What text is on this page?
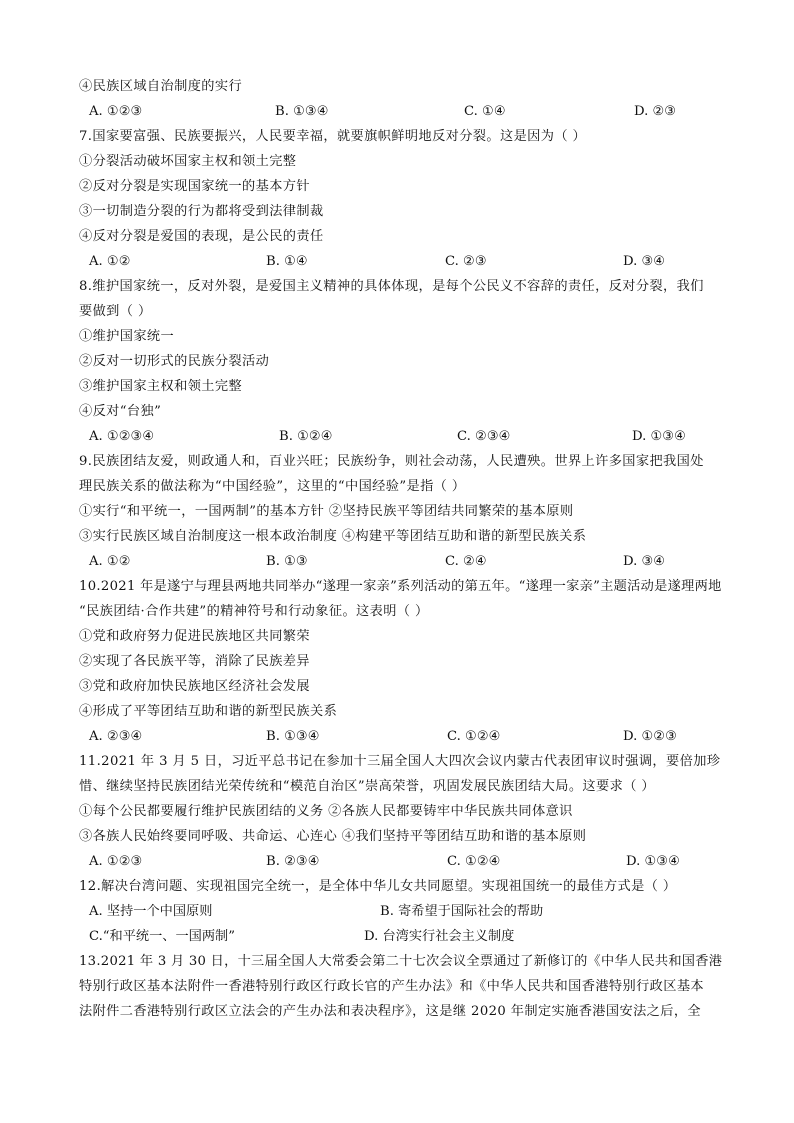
④民族区域自治制度的实行
A. ①②③	B. ①③④	C. ①④	D. ②③
7.国家要富强、民族要振兴，人民要幸福，就要旗帜鲜明地反对分裂。这是因为（ ）
①分裂活动破坏国家主权和领土完整
②反对分裂是实现国家统一的基本方针
③一切制造分裂的行为都将受到法律制裁
④反对分裂是爱国的表现，是公民的责任
A. ①②	B. ①④	C. ②③	D. ③④
8.维护国家统一，反对外裂，是爱国主义精神的具体体现，是每个公民义不容辞的责任，反对分裂，我们
要做到（ ）
①维护国家统一
②反对一切形式的民族分裂活动
③维护国家主权和领土完整
④反对“台独”
A. ①②③④	B. ①②④	C. ②③④	D. ①③④
9.民族团结友爱，则政通人和，百业兴旺；民族纷争，则社会动荡，人民遭殃。世界上许多国家把我国处
理民族关系的做法称为“中国经验”，这里的“中国经验”是指（ ）
①实行“和平统一，一国两制”的基本方针 ②坚持民族平等团结共同繁荣的基本原则
③实行民族区域自治制度这一根本政治制度 ④构建平等团结互助和谐的新型民族关系
A. ①②	B. ①③	C. ②④	D. ③④
10.2021 年是遂宁与理县两地共同举办“遂理一家亲”系列活动的第五年。“遂理一家亲”主题活动是遂理两地
“民族团结·合作共建”的精神符号和行动象征。这表明（ ）
①党和政府努力促进民族地区共同繁荣
②实现了各民族平等，消除了民族差异
③党和政府加快民族地区经济社会发展
④形成了平等团结互助和谐的新型民族关系
A. ②③④	B. ①③④	C. ①②④	D. ①②③
11.2021 年 3 月 5 日，习近平总书记在参加十三届全国人大四次会议内蒙古代表团审议时强调，要倍加珍
惜、继续坚持民族团结光荣传统和“模范自治区”崇高荣誉，巩固发展民族团结大局。这要求（ ）
①每个公民都要履行维护民族团结的义务 ②各族人民都要铸牢中华民族共同体意识
③各族人民始终要同呼吸、共命运、心连心 ④我们坚持平等团结互助和谐的基本原则
A. ①②③	B. ②③④	C. ①②④	D. ①③④
12.解决台湾问题、实现祖国完全统一，是全体中华儿女共同愿望。实现祖国统一的最佳方式是（ ）
A. 坚持一个中国原则	B. 寄希望于国际社会的帮助
C.“和平统一、一国两制”	D. 台湾实行社会主义制度
13.2021 年 3 月 30 日，十三届全国人大常委会第二十七次会议全票通过了新修订的《中华人民共和国香港
特别行政区基本法附件一香港特别行政区行政长官的产生办法》和《中华人民共和国香港特别行政区基本
法附件二香港特别行政区立法会的产生办法和表决程序》，这是继 2020 年制定实施香港国安法之后，全
